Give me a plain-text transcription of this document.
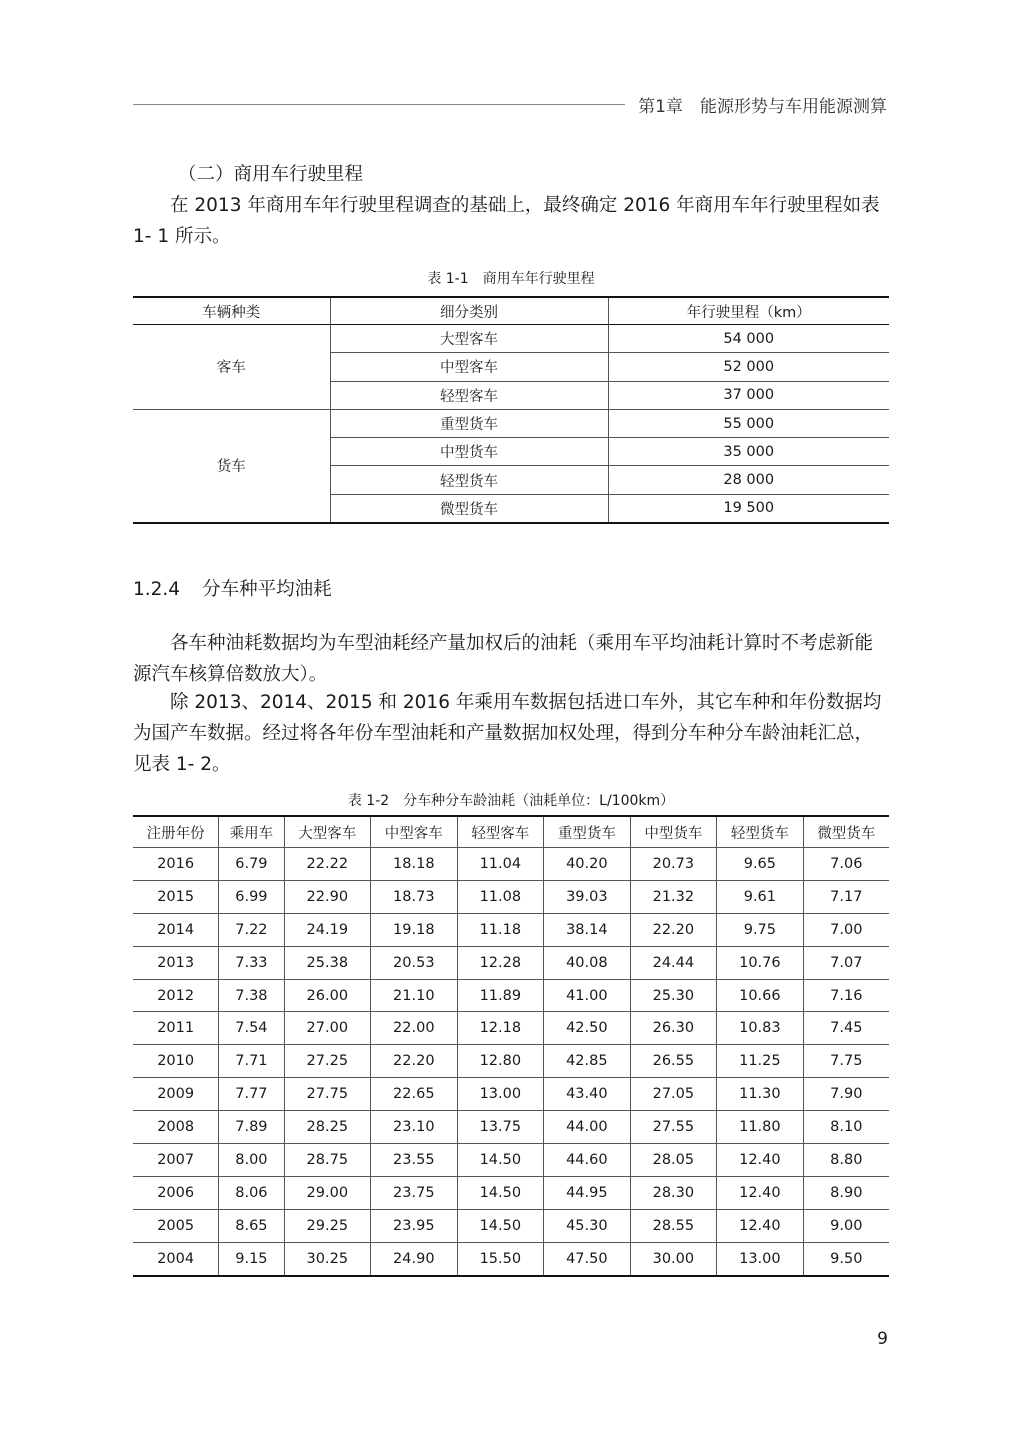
第1章　能源形势与车用能源测算
（二）商用车行驶里程

在 2013 年商用车年行驶里程调查的基础上，最终确定 2016 年商用车年行驶里程如表 1- 1 所示。

表 1-1　商用车年行驶里程
车辆种类	细分类别	年行驶里程（km）
客车	大型客车	54 000
	中型客车	52 000
	轻型客车	37 000
货车	重型货车	55 000
	中型货车	35 000
	轻型货车	28 000
	微型货车	19 500
1.2.4 分车种平均油耗

各车种油耗数据均为车型油耗经产量加权后的油耗（乘用车平均油耗计算时不考虑新能源汽车核算倍数放大）。

除 2013、2014、2015 和 2016 年乘用车数据包括进口车外，其它车种和年份数据均为国产车数据。经过将各年份车型油耗和产量数据加权处理，得到分车种分车龄油耗汇总，见表 1- 2。

表 1-2　分车种分车龄油耗（油耗单位：L/100km）
注册年份	乘用车	大型客车	中型客车	轻型客车	重型货车	中型货车	轻型货车	微型货车
2016	6.79	22.22	18.18	11.04	40.20	20.73	9.65	7.06
2015	6.99	22.90	18.73	11.08	39.03	21.32	9.61	7.17
2014	7.22	24.19	19.18	11.18	38.14	22.20	9.75	7.00
2013	7.33	25.38	20.53	12.28	40.08	24.44	10.76	7.07
2012	7.38	26.00	21.10	11.89	41.00	25.30	10.66	7.16
2011	7.54	27.00	22.00	12.18	42.50	26.30	10.83	7.45
2010	7.71	27.25	22.20	12.80	42.85	26.55	11.25	7.75
2009	7.77	27.75	22.65	13.00	43.40	27.05	11.30	7.90
2008	7.89	28.25	23.10	13.75	44.00	27.55	11.80	8.10
2007	8.00	28.75	23.55	14.50	44.60	28.05	12.40	8.80
2006	8.06	29.00	23.75	14.50	44.95	28.30	12.40	8.90
2005	8.65	29.25	23.95	14.50	45.30	28.55	12.40	9.00
2004	9.15	30.25	24.90	15.50	47.50	30.00	13.00	9.50
9
